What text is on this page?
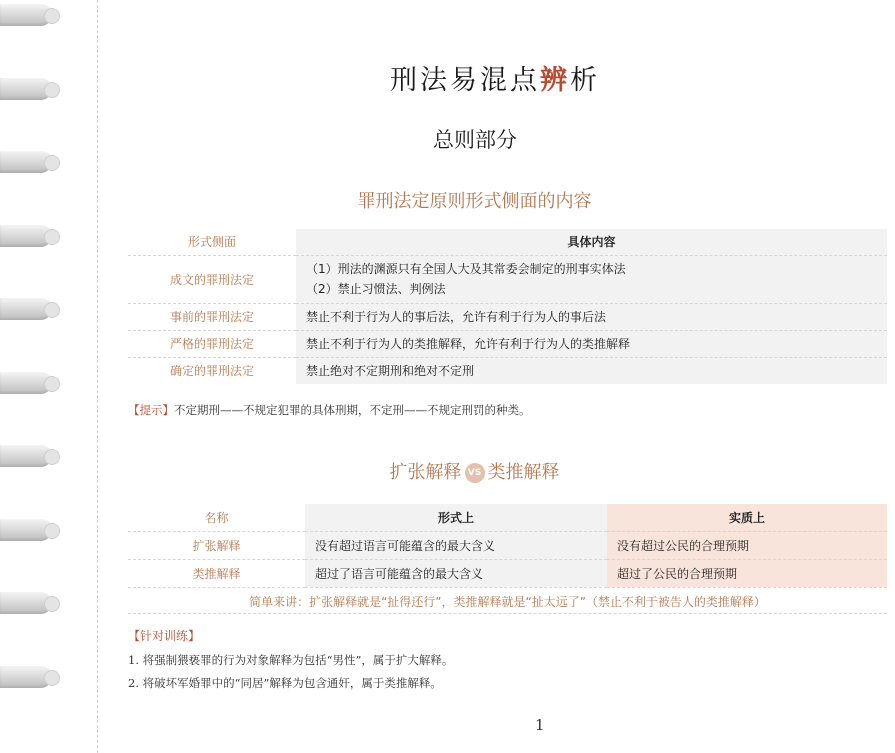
刑法易混点辨析
总则部分
罪刑法定原则形式侧面的内容
形式侧面	具体内容
成文的罪刑法定	（1）刑法的渊源只有全国人大及其常委会制定的刑事实体法
（2）禁止习惯法、判例法

事前的罪刑法定	禁止不利于行为人的事后法，允许有利于行为人的事后法
严格的罪刑法定	禁止不利于行为人的类推解释，允许有利于行为人的类推解释
确定的罪刑法定	禁止绝对不定期刑和绝对不定刑
【提示】不定期刑——不规定犯罪的具体刑期，不定刑——不规定刑罚的种类。
扩张解释 VS 类推解释
名称	形式上	实质上
扩张解释	没有超过语言可能蕴含的最大含义	没有超过公民的合理预期
类推解释	超过了语言可能蕴含的最大含义	超过了公民的合理预期
简单来讲：扩张解释就是“扯得还行”，类推解释就是“扯太远了”（禁止不利于被告人的类推解释）
【针对训练】
1. 将强制猥亵罪的行为对象解释为包括“男性”，属于扩大解释。
2. 将破坏军婚罪中的“同居”解释为包含通奸，属于类推解释。
1
